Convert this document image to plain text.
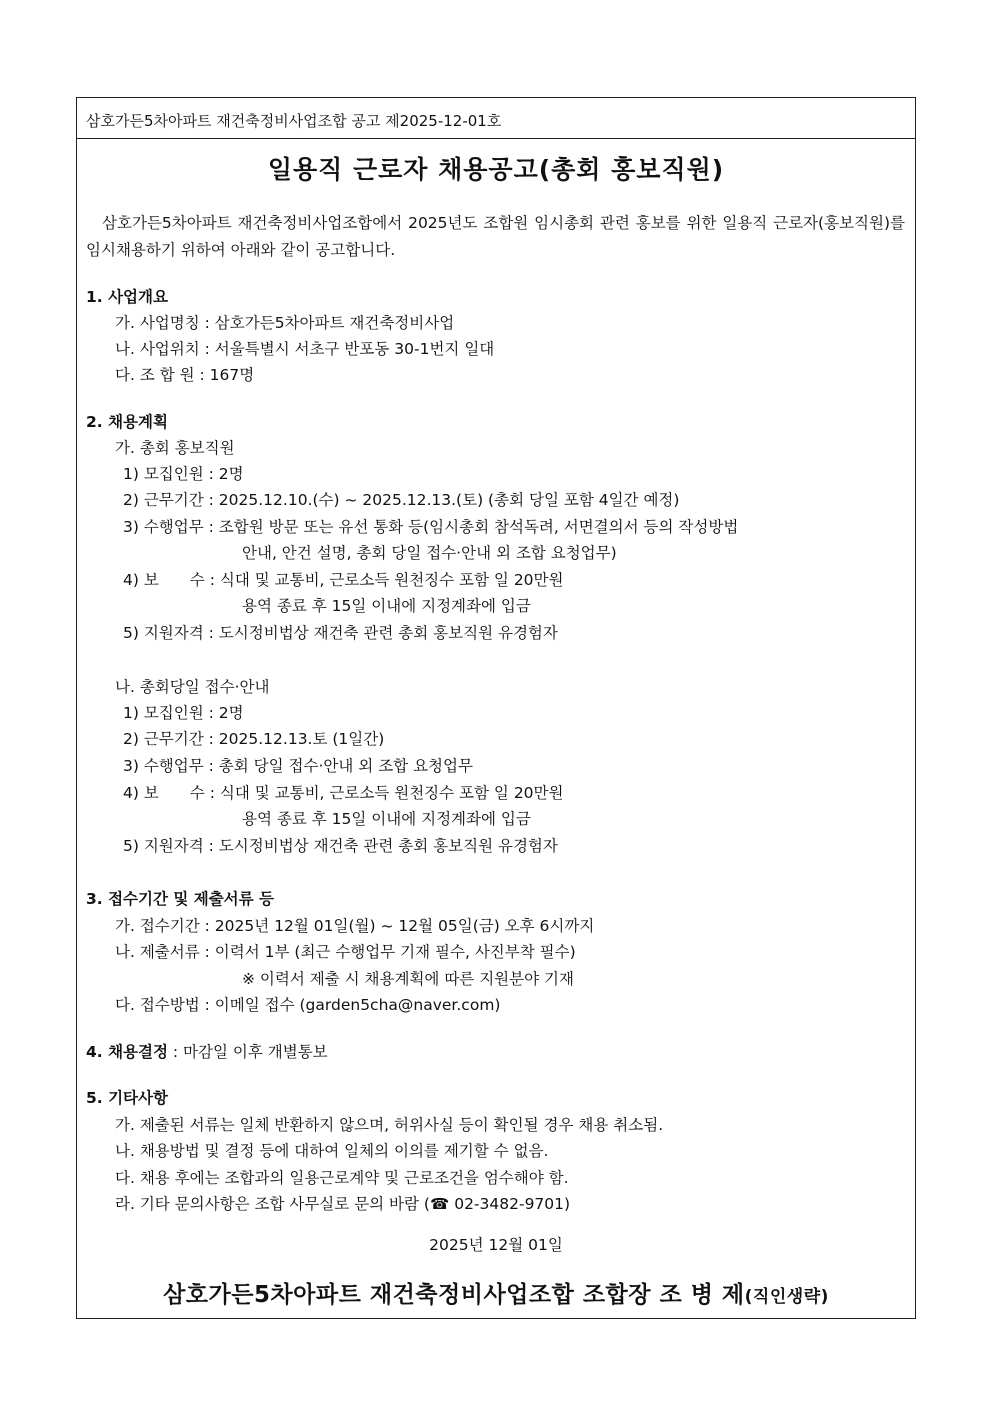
삼호가든5차아파트 재건축정비사업조합 공고 제2025-12-01호
일용직 근로자 채용공고(총회 홍보직원)
삼호가든5차아파트 재건축정비사업조합에서 2025년도 조합원 임시총회 관련 홍보를 위한 일용직 근로자(홍보직원)를 임시채용하기 위하여 아래와 같이 공고합니다.
1. 사업개요
가. 사업명칭 : 삼호가든5차아파트 재건축정비사업
나. 사업위치 : 서울특별시 서초구 반포동 30-1번지 일대
다. 조 합 원 : 167명
2. 채용계획
가. 총회 홍보직원
1) 모집인원 : 2명
2) 근무기간 : 2025.12.10.(수) ~ 2025.12.13.(토) (총회 당일 포함 4일간 예정)
3) 수행업무 : 조합원 방문 또는 유선 통화 등(임시총회 참석독려, 서면결의서 등의 작성방법
안내, 안건 설명, 총회 당일 접수·안내 외 조합 요청업무)
4) 보　　수 : 식대 및 교통비, 근로소득 원천징수 포함 일 20만원
용역 종료 후 15일 이내에 지정계좌에 입금
5) 지원자격 : 도시정비법상 재건축 관련 총회 홍보직원 유경험자
나. 총회당일 접수·안내
1) 모집인원 : 2명
2) 근무기간 : 2025.12.13.토 (1일간)
3) 수행업무 : 총회 당일 접수·안내 외 조합 요청업무
4) 보　　수 : 식대 및 교통비, 근로소득 원천징수 포함 일 20만원
용역 종료 후 15일 이내에 지정계좌에 입금
5) 지원자격 : 도시정비법상 재건축 관련 총회 홍보직원 유경험자
3. 접수기간 및 제출서류 등
가. 접수기간 : 2025년 12월 01일(월) ~ 12월 05일(금) 오후 6시까지
나. 제출서류 : 이력서 1부 (최근 수행업무 기재 필수, 사진부착 필수)
※ 이력서 제출 시 채용계획에 따른 지원분야 기재
다. 접수방법 : 이메일 접수 (garden5cha@naver.com)
4. 채용결정 : 마감일 이후 개별통보
5. 기타사항
가. 제출된 서류는 일체 반환하지 않으며, 허위사실 등이 확인될 경우 채용 취소됨.
나. 채용방법 및 결정 등에 대하여 일체의 이의를 제기할 수 없음.
다. 채용 후에는 조합과의 일용근로계약 및 근로조건을 엄수해야 함.
라. 기타 문의사항은 조합 사무실로 문의 바람 (☎ 02-3482-9701)
2025년 12월 01일
삼호가든5차아파트 재건축정비사업조합 조합장 조 병 제(직인생략)
